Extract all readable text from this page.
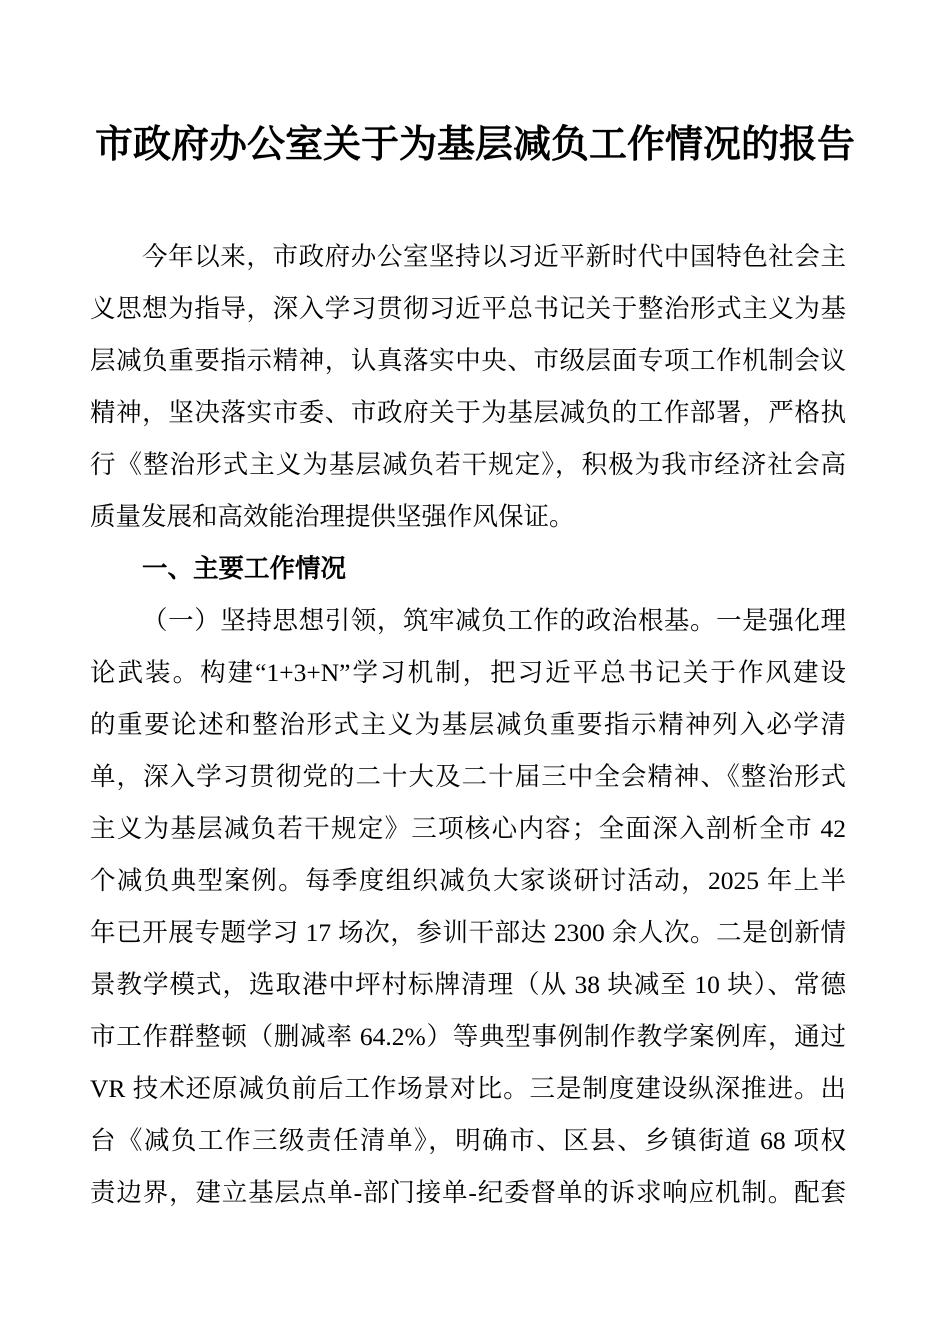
市政府办公室关于为基层减负工作情况的报告
今年以来，市政府办公室坚持以习近平新时代中国特色社会主
义思想为指导，深入学习贯彻习近平总书记关于整治形式主义为基
层减负重要指示精神，认真落实中央、市级层面专项工作机制会议
精神，坚决落实市委、市政府关于为基层减负的工作部署，严格执
行《整治形式主义为基层减负若干规定》，积极为我市经济社会高
质量发展和高效能治理提供坚强作风保证。
一、主要工作情况
（一）坚持思想引领，筑牢减负工作的政治根基。一是强化理
论武装。构建“1+3+N”学习机制，把习近平总书记关于作风建设
的重要论述和整治形式主义为基层减负重要指示精神列入必学清
单，深入学习贯彻党的二十大及二十届三中全会精神、《整治形式
主义为基层减负若干规定》三项核心内容；全面深入剖析全市 42
个减负典型案例。每季度组织减负大家谈研讨活动，2025 年上半
年已开展专题学习 17 场次，参训干部达 2300 余人次。二是创新情
景教学模式，选取港中坪村标牌清理（从 38 块减至 10 块）、常德
市工作群整顿（删减率 64.2%）等典型事例制作教学案例库，通过
VR 技术还原减负前后工作场景对比。三是制度建设纵深推进。出
台《减负工作三级责任清单》，明确市、区县、乡镇街道 68 项权
责边界，建立基层点单-部门接单-纪委督单的诉求响应机制。配套
